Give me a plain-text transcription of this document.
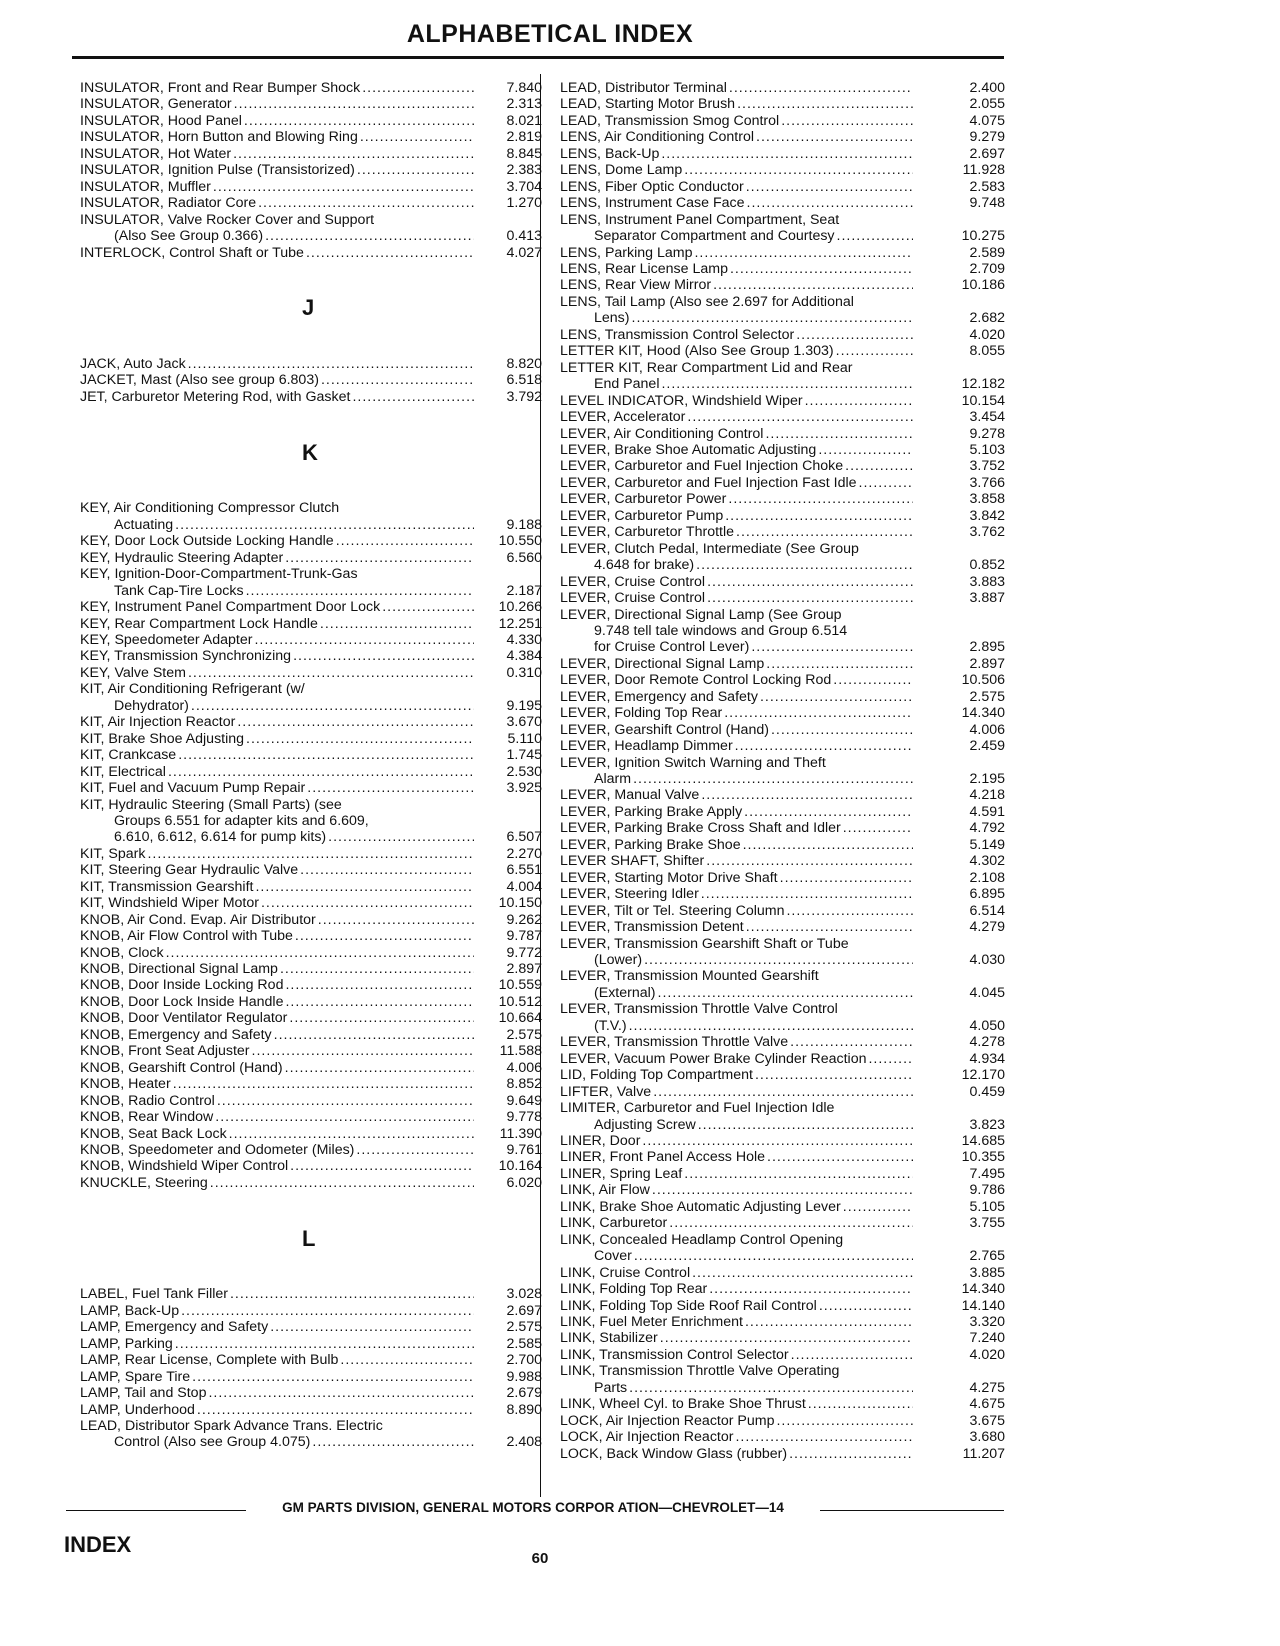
ALPHABETICAL INDEX
INSULATOR, Front and Rear Bumper Shock .....	7.840
INSULATOR, Generator .....	2.313
INSULATOR, Hood Panel .....	8.021
INSULATOR, Horn Button and Blowing Ring .....	2.819
INSULATOR, Hot Water .....	8.845
INSULATOR, Ignition Pulse (Transistorized) .....	2.383
INSULATOR, Muffler .....	3.704
INSULATOR, Radiator Core .....	1.270
INSULATOR, Valve Rocker Cover and Support
(Also See Group 0.366) .....	0.413
INTERLOCK, Control Shaft or Tube .....	4.027
J
JACK, Auto Jack .....	8.820
JACKET, Mast (Also see group 6.803) .....	6.518
JET, Carburetor Metering Rod, with Gasket .....	3.792
K
KEY, Air Conditioning Compressor Clutch
Actuating .....	9.188
KEY, Door Lock Outside Locking Handle .....	10.550
KEY, Hydraulic Steering Adapter .....	6.560
KEY, Ignition-Door-Compartment-Trunk-Gas
Tank Cap-Tire Locks .....	2.187
KEY, Instrument Panel Compartment Door Lock .....	10.266
KEY, Rear Compartment Lock Handle .....	12.251
KEY, Speedometer Adapter .....	4.330
KEY, Transmission Synchronizing .....	4.384
KEY, Valve Stem .....	0.310
KIT, Air Conditioning Refrigerant (w/
Dehydrator) .....	9.195
KIT, Air Injection Reactor .....	3.670
KIT, Brake Shoe Adjusting .....	5.110
KIT, Crankcase .....	1.745
KIT, Electrical .....	2.530
KIT, Fuel and Vacuum Pump Repair .....	3.925
KIT, Hydraulic Steering (Small Parts) (see
Groups 6.551 for adapter kits and 6.609,
6.610, 6.612, 6.614 for pump kits) .....	6.507
KIT, Spark .....	2.270
KIT, Steering Gear Hydraulic Valve .....	6.551
KIT, Transmission Gearshift .....	4.004
KIT, Windshield Wiper Motor .....	10.150
KNOB, Air Cond. Evap. Air Distributor .....	9.262
KNOB, Air Flow Control with Tube .....	9.787
KNOB, Clock .....	9.772
KNOB, Directional Signal Lamp .....	2.897
KNOB, Door Inside Locking Rod .....	10.559
KNOB, Door Lock Inside Handle .....	10.512
KNOB, Door Ventilator Regulator .....	10.664
KNOB, Emergency and Safety .....	2.575
KNOB, Front Seat Adjuster .....	11.588
KNOB, Gearshift Control (Hand) .....	4.006
KNOB, Heater .....	8.852
KNOB, Radio Control .....	9.649
KNOB, Rear Window .....	9.778
KNOB, Seat Back Lock .....	11.390
KNOB, Speedometer and Odometer (Miles) .....	9.761
KNOB, Windshield Wiper Control .....	10.164
KNUCKLE, Steering .....	6.020
L
LABEL, Fuel Tank Filler .....	3.028
LAMP, Back-Up .....	2.697
LAMP, Emergency and Safety .....	2.575
LAMP, Parking .....	2.585
LAMP, Rear License, Complete with Bulb .....	2.700
LAMP, Spare Tire .....	9.988
LAMP, Tail and Stop .....	2.679
LAMP, Underhood .....	8.890
LEAD, Distributor Spark Advance Trans. Electric
Control (Also see Group 4.075) .....	2.408
LEAD, Distributor Terminal .....	2.400
LEAD, Starting Motor Brush .....	2.055
LEAD, Transmission Smog Control .....	4.075
LENS, Air Conditioning Control .....	9.279
LENS, Back-Up .....	2.697
LENS, Dome Lamp .....	11.928
LENS, Fiber Optic Conductor .....	2.583
LENS, Instrument Case Face .....	9.748
LENS, Instrument Panel Compartment, Seat
Separator Compartment and Courtesy .....	10.275
LENS, Parking Lamp .....	2.589
LENS, Rear License Lamp .....	2.709
LENS, Rear View Mirror .....	10.186
LENS, Tail Lamp (Also see 2.697 for Additional
Lens) .....	2.682
LENS, Transmission Control Selector .....	4.020
LETTER KIT, Hood (Also See Group 1.303) .....	8.055
LETTER KIT, Rear Compartment Lid and Rear
End Panel .....	12.182
LEVEL INDICATOR, Windshield Wiper .....	10.154
LEVER, Accelerator .....	3.454
LEVER, Air Conditioning Control .....	9.278
LEVER, Brake Shoe Automatic Adjusting .....	5.103
LEVER, Carburetor and Fuel Injection Choke .....	3.752
LEVER, Carburetor and Fuel Injection Fast Idle .....	3.766
LEVER, Carburetor Power .....	3.858
LEVER, Carburetor Pump .....	3.842
LEVER, Carburetor Throttle .....	3.762
LEVER, Clutch Pedal, Intermediate (See Group
4.648 for brake) .....	0.852
LEVER, Cruise Control .....	3.883
LEVER, Cruise Control .....	3.887
LEVER, Directional Signal Lamp (See Group
9.748 tell tale windows and Group 6.514
for Cruise Control Lever) .....	2.895
LEVER, Directional Signal Lamp .....	2.897
LEVER, Door Remote Control Locking Rod .....	10.506
LEVER, Emergency and Safety .....	2.575
LEVER, Folding Top Rear .....	14.340
LEVER, Gearshift Control (Hand) .....	4.006
LEVER, Headlamp Dimmer .....	2.459
LEVER, Ignition Switch Warning and Theft
Alarm .....	2.195
LEVER, Manual Valve .....	4.218
LEVER, Parking Brake Apply .....	4.591
LEVER, Parking Brake Cross Shaft and Idler .....	4.792
LEVER, Parking Brake Shoe .....	5.149
LEVER SHAFT, Shifter .....	4.302
LEVER, Starting Motor Drive Shaft .....	2.108
LEVER, Steering Idler .....	6.895
LEVER, Tilt or Tel. Steering Column .....	6.514
LEVER, Transmission Detent .....	4.279
LEVER, Transmission Gearshift Shaft or Tube
(Lower) .....	4.030
LEVER, Transmission Mounted Gearshift
(External) .....	4.045
LEVER, Transmission Throttle Valve Control
(T.V.) .....	4.050
LEVER, Transmission Throttle Valve .....	4.278
LEVER, Vacuum Power Brake Cylinder Reaction .....	4.934
LID, Folding Top Compartment .....	12.170
LIFTER, Valve .....	0.459
LIMITER, Carburetor and Fuel Injection Idle
Adjusting Screw .....	3.823
LINER, Door .....	14.685
LINER, Front Panel Access Hole .....	10.355
LINER, Spring Leaf .....	7.495
LINK, Air Flow .....	9.786
LINK, Brake Shoe Automatic Adjusting Lever .....	5.105
LINK, Carburetor .....	3.755
LINK, Concealed Headlamp Control Opening
Cover .....	2.765
LINK, Cruise Control .....	3.885
LINK, Folding Top Rear .....	14.340
LINK, Folding Top Side Roof Rail Control .....	14.140
LINK, Fuel Meter Enrichment .....	3.320
LINK, Stabilizer .....	7.240
LINK, Transmission Control Selector .....	4.020
LINK, Transmission Throttle Valve Operating
Parts .....	4.275
LINK, Wheel Cyl. to Brake Shoe Thrust .....	4.675
LOCK, Air Injection Reactor Pump .....	3.675
LOCK, Air Injection Reactor .....	3.680
LOCK, Back Window Glass (rubber) .....	11.207
GM PARTS DIVISION, GENERAL MOTORS CORPOR ATION—CHEVROLET—14
INDEX
60
